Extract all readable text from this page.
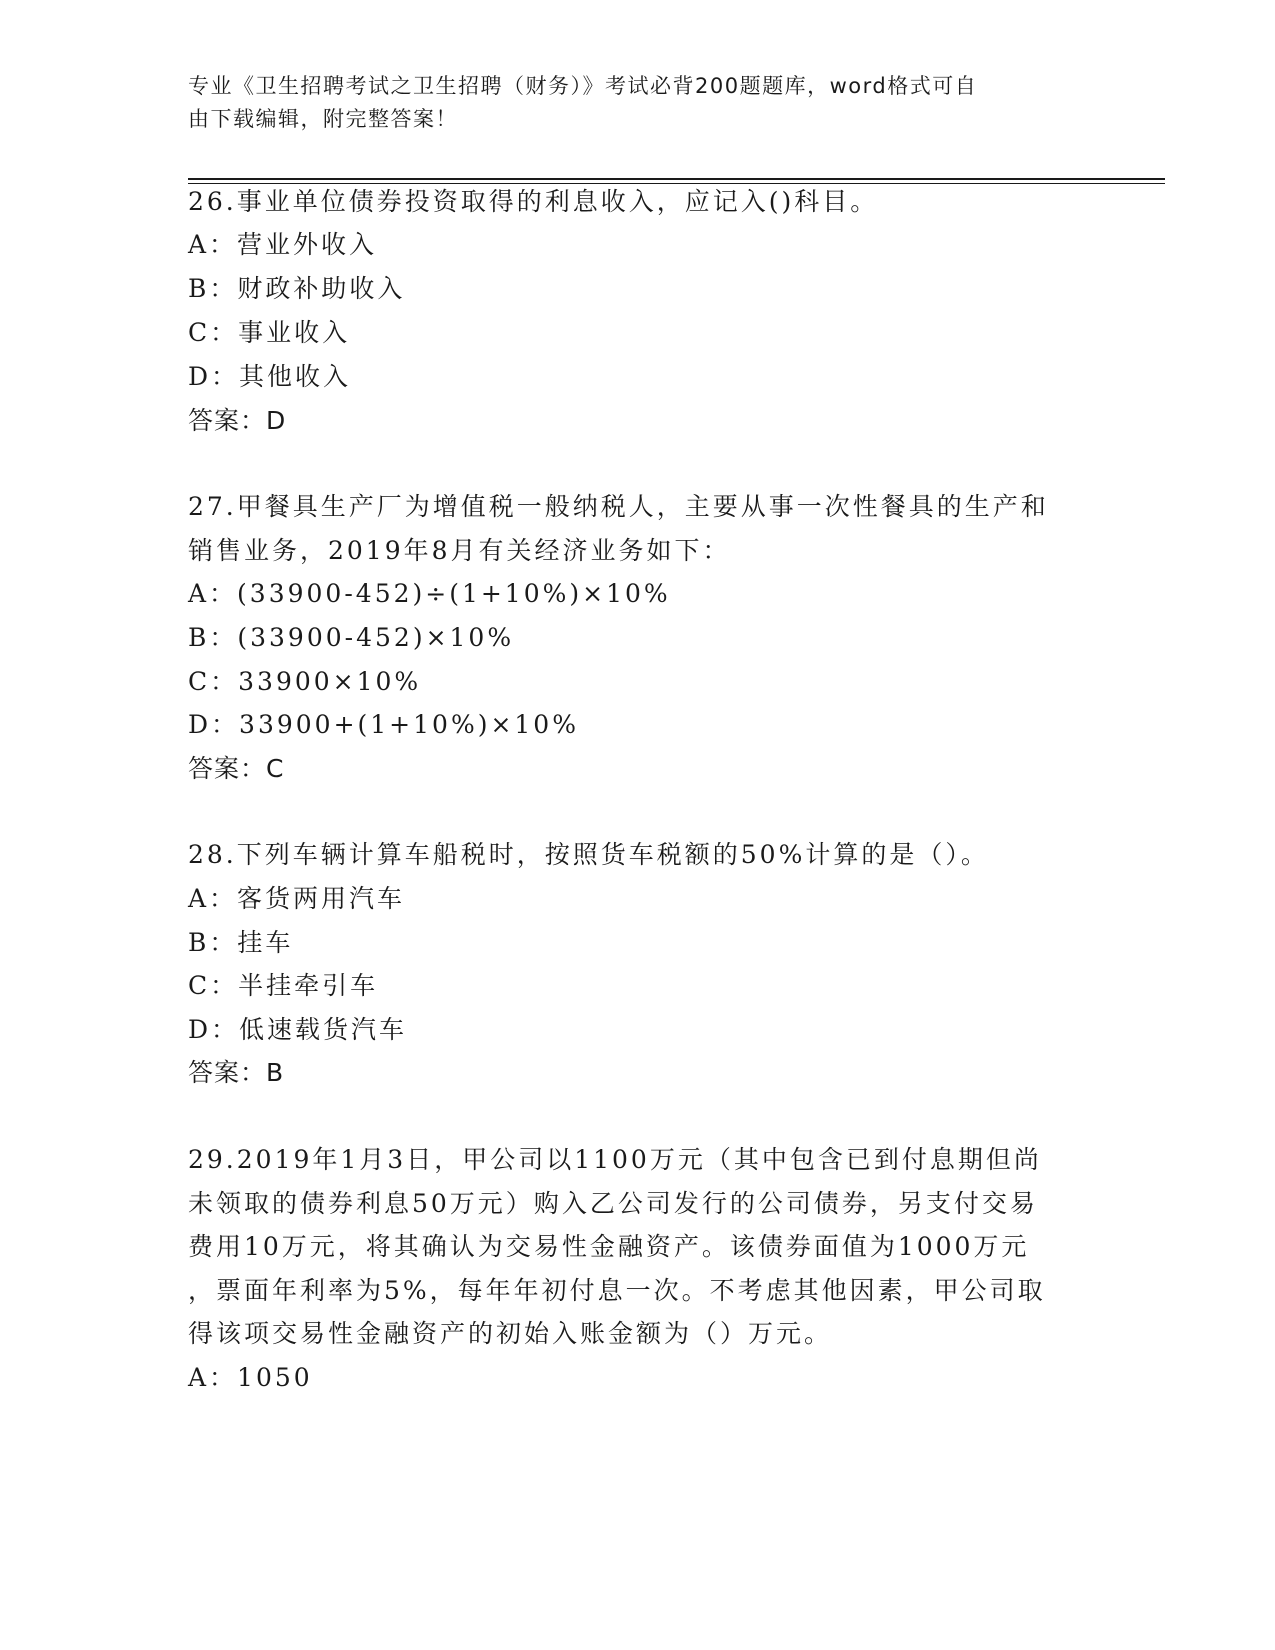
专业《卫生招聘考试之卫生招聘（财务）》考试必背200题题库，word格式可自
由下载编辑，附完整答案！
26.事业单位债券投资取得的利息收入，应记入()科目。
A：营业外收入
B：财政补助收入
C：事业收入
D：其他收入
答案：D
27.甲餐具生产厂为增值税一般纳税人，主要从事一次性餐具的生产和
销售业务，2019年8月有关经济业务如下：
A：(33900-452)÷(1+10%)×10%
B：(33900-452)×10%
C：33900×10%
D：33900+(1+10%)×10%
答案：C
28.下列车辆计算车船税时，按照货车税额的50%计算的是（）。
A：客货两用汽车
B：挂车
C：半挂牵引车
D：低速载货汽车
答案：B
29.2019年1月3日，甲公司以1100万元（其中包含已到付息期但尚
未领取的债券利息50万元）购入乙公司发行的公司债券，另支付交易
费用10万元，将其确认为交易性金融资产。该债券面值为1000万元
，票面年利率为5%，每年年初付息一次。不考虑其他因素，甲公司取
得该项交易性金融资产的初始入账金额为（）万元。
A：1050
